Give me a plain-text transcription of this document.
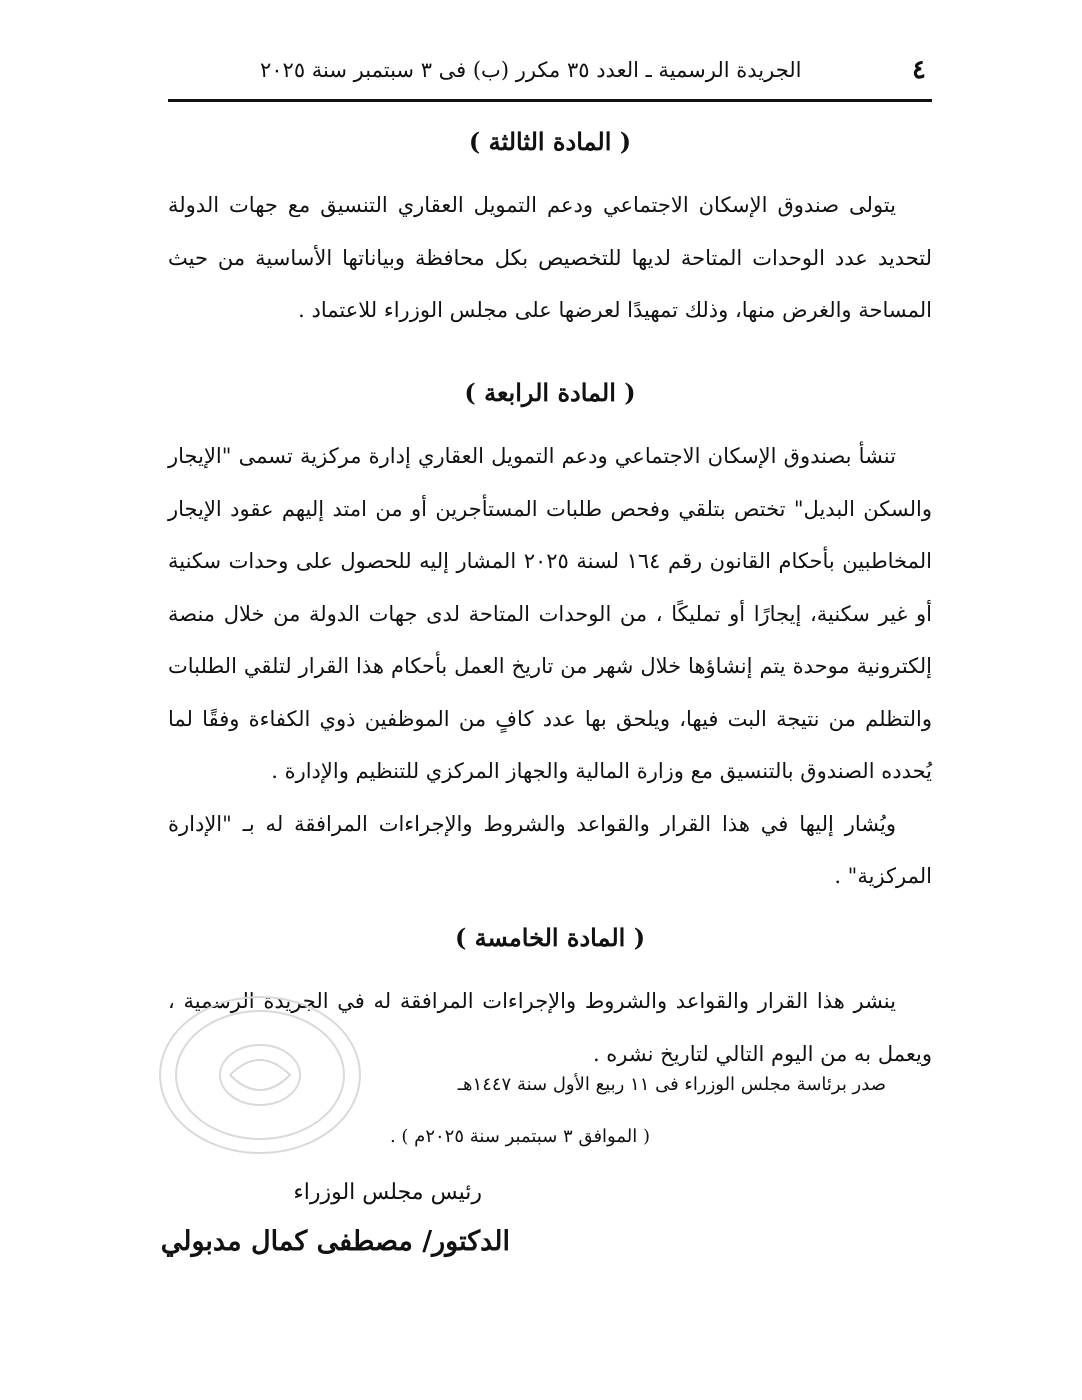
٤
الجريدة الرسمية ـ العدد ٣٥ مكرر (ب) فى ٣ سبتمبر سنة ٢٠٢٥
( المادة الثالثة )
يتولى صندوق الإسكان الاجتماعي ودعم التمويل العقاري التنسيق مع جهات الدولة لتحديد عدد الوحدات المتاحة لديها للتخصيص بكل محافظة وبياناتها الأساسية من حيث المساحة والغرض منها، وذلك تمهيدًا لعرضها على مجلس الوزراء للاعتماد .
( المادة الرابعة )
تنشأ بصندوق الإسكان الاجتماعي ودعم التمويل العقاري إدارة مركزية تسمى "الإيجار والسكن البديل" تختص بتلقي وفحص طلبات المستأجرين أو من امتد إليهم عقود الإيجار المخاطبين بأحكام القانون رقم ١٦٤ لسنة ٢٠٢٥ المشار إليه للحصول على وحدات سكنية أو غير سكنية، إيجارًا أو تمليكًا ، من الوحدات المتاحة لدى جهات الدولة من خلال منصة إلكترونية موحدة يتم إنشاؤها خلال شهر من تاريخ العمل بأحكام هذا القرار لتلقي الطلبات والتظلم من نتيجة البت فيها، ويلحق بها عدد كافٍ من الموظفين ذوي الكفاءة وفقًا لما يُحدده الصندوق بالتنسيق مع وزارة المالية والجهاز المركزي للتنظيم والإدارة .
ويُشار إليها في هذا القرار والقواعد والشروط والإجراءات المرافقة له بـ "الإدارة المركزية" .
( المادة الخامسة )
ينشر هذا القرار والقواعد والشروط والإجراءات المرافقة له في الجريدة الرسمية ، ويعمل به من اليوم التالي لتاريخ نشره .
صدر برئاسة مجلس الوزراء فى ١١ ربيع الأول سنة ١٤٤٧هـ
( الموافق ٣ سبتمبر سنة ٢٠٢٥م ) .
رئيس مجلس الوزراء
الدكتور/ مصطفى كمال مدبولي
